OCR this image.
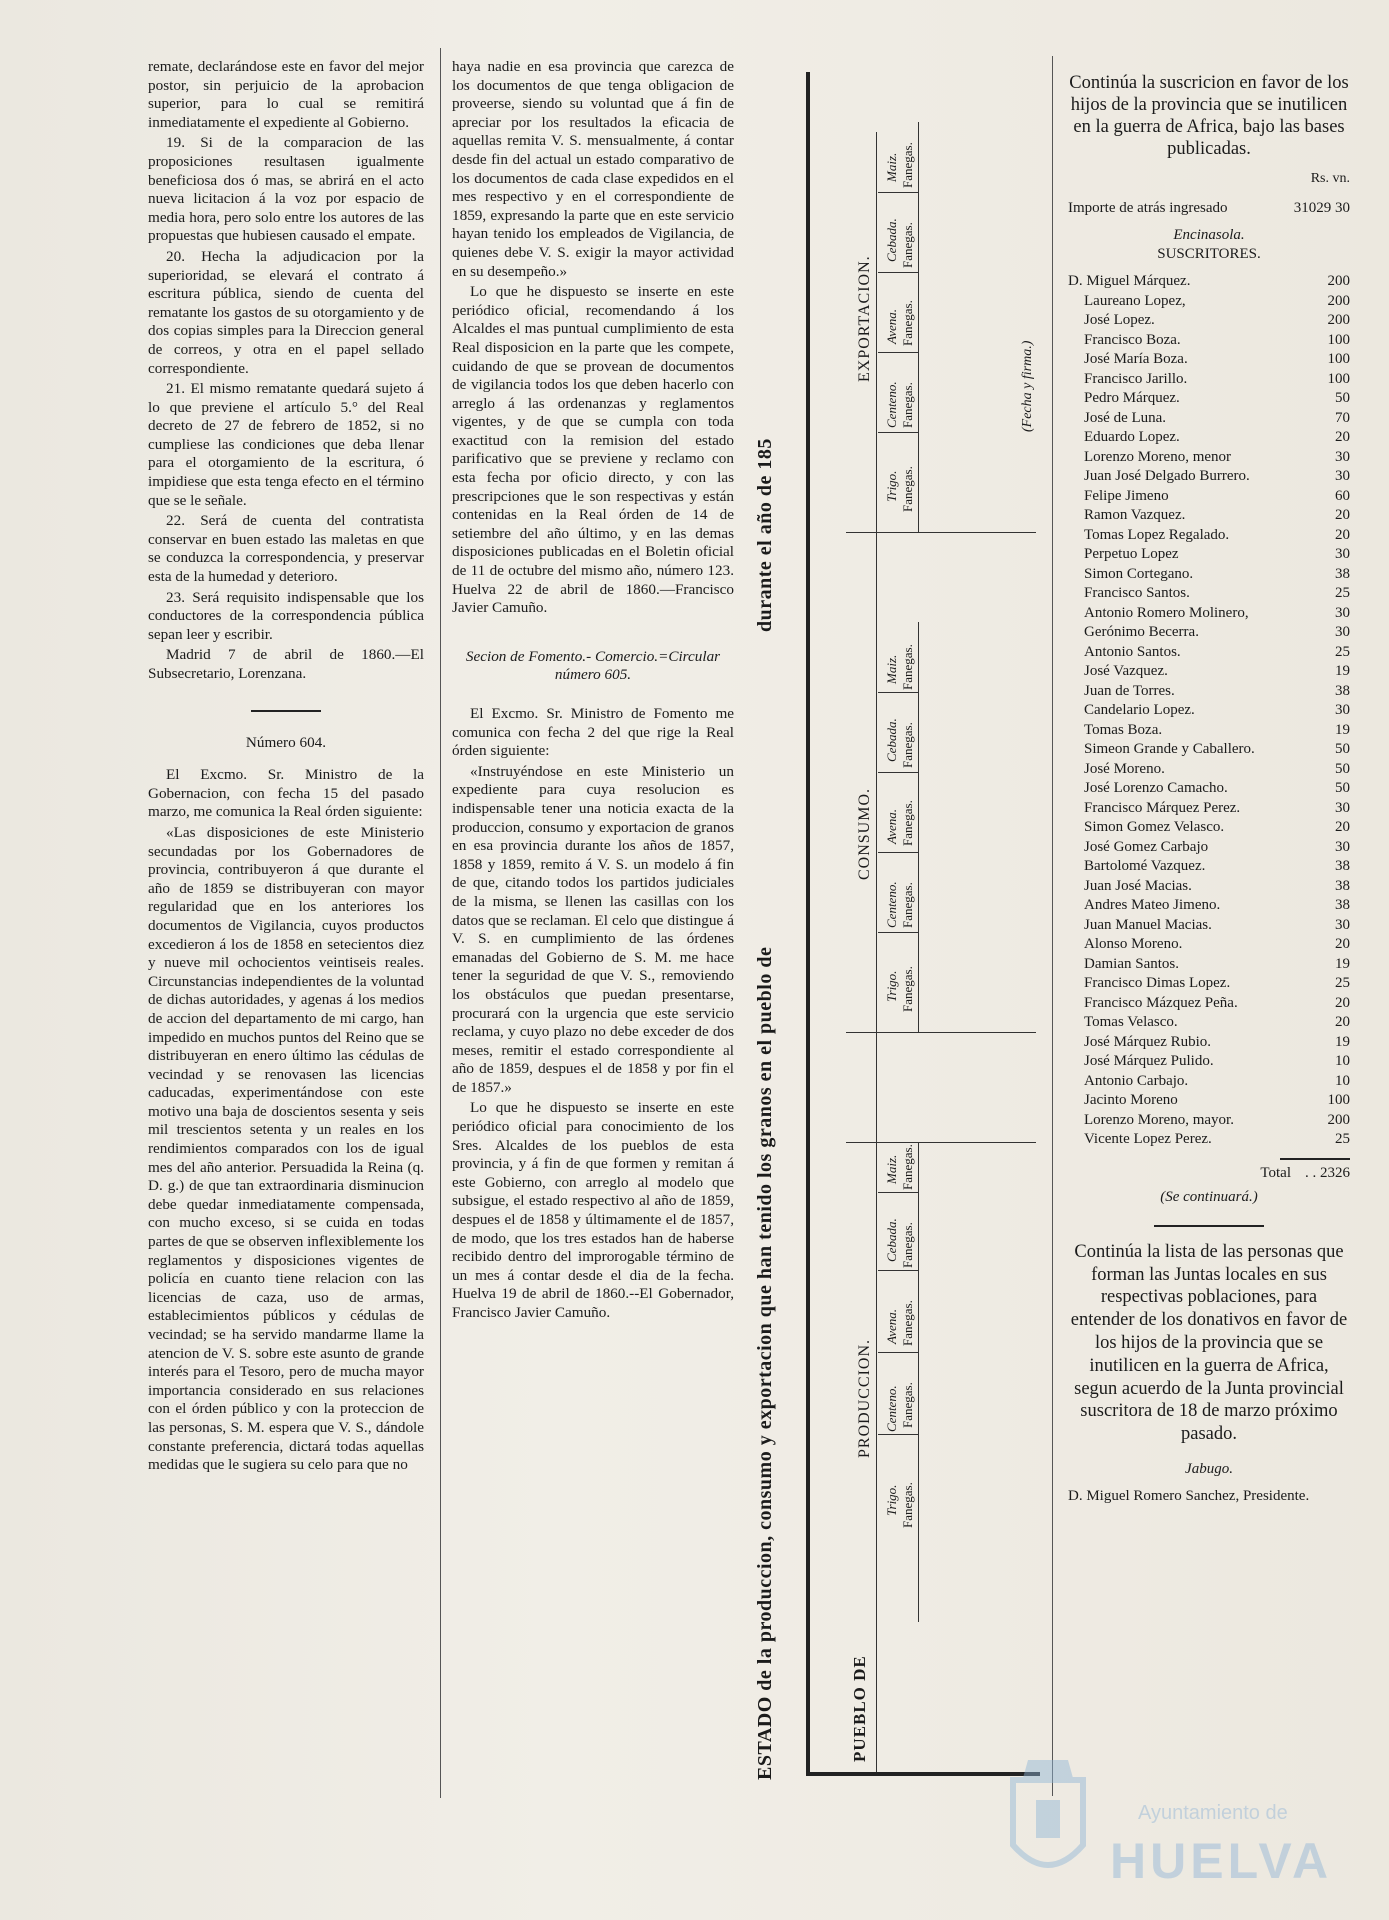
remate, declarándose este en favor del mejor postor, sin perjuicio de la aprobacion superior, para lo cual se remitirá inmediatamente el expediente al Gobierno.

19. Si de la comparacion de las proposiciones resultasen igualmente beneficiosa dos ó mas, se abrirá en el acto nueva licitacion á la voz por espacio de media hora, pero solo entre los autores de las propuestas que hubiesen causado el empate.

20. Hecha la adjudicacion por la superioridad, se elevará el contrato á escritura pública, siendo de cuenta del rematante los gastos de su otorgamiento y de dos copias simples para la Direccion general de correos, y otra en el papel sellado correspondiente.

21. El mismo rematante quedará sujeto á lo que previene el artículo 5.° del Real decreto de 27 de febrero de 1852, si no cumpliese las condiciones que deba llenar para el otorgamiento de la escritura, ó impidiese que esta tenga efecto en el término que se le señale.

22. Será de cuenta del contratista conservar en buen estado las maletas en que se conduzca la correspondencia, y preservar esta de la humedad y deterioro.

23. Será requisito indispensable que los conductores de la correspondencia pública sepan leer y escribir.

Madrid 7 de abril de 1860.—El Subsecretario, Lorenzana.

Número 604.

El Excmo. Sr. Ministro de la Gobernacion, con fecha 15 del pasado marzo, me comunica la Real órden siguiente:

«Las disposiciones de este Ministerio secundadas por los Gobernadores de provincia, contribuyeron á que durante el año de 1859 se distribuyeran con mayor regularidad que en los anteriores los documentos de Vigilancia, cuyos productos excedieron á los de 1858 en setecientos diez y nueve mil ochocientos veintiseis reales. Circunstancias independientes de la voluntad de dichas autoridades, y agenas á los medios de accion del departamento de mi cargo, han impedido en muchos puntos del Reino que se distribuyeran en enero último las cédulas de vecindad y se renovasen las licencias caducadas, experimentándose con este motivo una baja de doscientos sesenta y seis mil trescientos setenta y un reales en los rendimientos comparados con los de igual mes del año anterior. Persuadida la Reina (q. D. g.) de que tan extraordinaria disminucion debe quedar inmediatamente compensada, con mucho exceso, si se cuida en todas partes de que se observen inflexiblemente los reglamentos y disposiciones vigentes de policía en cuanto tiene relacion con las licencias de caza, uso de armas, establecimientos públicos y cédulas de vecindad; se ha servido mandarme llame la atencion de V. S. sobre este asunto de grande interés para el Tesoro, pero de mucha mayor importancia considerado en sus relaciones con el órden público y con la proteccion de las personas, S. M. espera que V. S., dándole constante preferencia, dictará todas aquellas medidas que le sugiera su celo para que no

haya nadie en esa provincia que carezca de los documentos de que tenga obligacion de proveerse, siendo su voluntad que á fin de apreciar por los resultados la eficacia de aquellas remita V. S. mensualmente, á contar desde fin del actual un estado comparativo de los documentos de cada clase expedidos en el mes respectivo y en el correspondiente de 1859, expresando la parte que en este servicio hayan tenido los empleados de Vigilancia, de quienes debe V. S. exigir la mayor actividad en su desempeño.»

Lo que he dispuesto se inserte en este periódico oficial, recomendando á los Alcaldes el mas puntual cumplimiento de esta Real disposicion en la parte que les compete, cuidando de que se provean de documentos de vigilancia todos los que deben hacerlo con arreglo á las ordenanzas y reglamentos vigentes, y de que se cumpla con toda exactitud con la remision del estado parificativo que se previene y reclamo con esta fecha por oficio directo, y con las prescripciones que le son respectivas y están contenidas en la Real órden de 14 de setiembre del año último, y en las demas disposiciones publicadas en el Boletin oficial de 11 de octubre del mismo año, número 123. Huelva 22 de abril de 1860.—Francisco Javier Camuño.

Secion de Fomento.- Comercio.=Circular número 605.

El Excmo. Sr. Ministro de Fomento me comunica con fecha 2 del que rige la Real órden siguiente:

«Instruyéndose en este Ministerio un expediente para cuya resolucion es indispensable tener una noticia exacta de la produccion, consumo y exportacion de granos en esa provincia durante los años de 1857, 1858 y 1859, remito á V. S. un modelo á fin de que, citando todos los partidos judiciales de la misma, se llenen las casillas con los datos que se reclaman. El celo que distingue á V. S. en cumplimiento de las órdenes emanadas del Gobierno de S. M. me hace tener la seguridad de que V. S., removiendo los obstáculos que puedan presentarse, procurará con la urgencia que este servicio reclama, y cuyo plazo no debe exceder de dos meses, remitir el estado correspondiente al año de 1859, despues el de 1858 y por fin el de 1857.»

Lo que he dispuesto se inserte en este periódico oficial para conocimiento de los Sres. Alcaldes de los pueblos de esta provincia, y á fin de que formen y remitan á este Gobierno, con arreglo al modelo que subsigue, el estado respectivo al año de 1859, despues el de 1858 y últimamente el de 1857, de modo, que los tres estados han de haberse recibido dentro del improrogable término de un mes á contar desde el dia de la fecha. Huelva 19 de abril de 1860.--El Gobernador, Francisco Javier Camuño.	ESTADO de la produccion, consumo y exportacion que han tenido los granos en el pueblo de
durante el año de 185
PUEBLO DE
PRODUCCION.
CONSUMO.
EXPORTACION.
Trigo. Fanegas.
Centeno. Fanegas.
Avena. Fanegas.
Cebada. Fanegas.
Maiz. Fanegas.
Trigo. Fanegas.
Centeno. Fanegas.
Avena. Fanegas.
Cebada. Fanegas.
Maiz. Fanegas.
Trigo. Fanegas.
Centeno. Fanegas.
Avena. Fanegas.
Cebada. Fanegas.
Maiz. Fanegas.
(Fecha y firma.)
Continúa la suscricion en favor de los hijos de la provincia que se inutilicen en la guerra de Africa, bajo las bases publicadas.
Rs. vn.
Importe de atrás ingresado	31029 30
Encinasola.
SUSCRITORES.
D. Miguel Márquez.	200
Laureano Lopez,	200
José Lopez.	200
Francisco Boza.	100
José María Boza.	100
Francisco Jarillo.	100
Pedro Márquez.	50
José de Luna.	70
Eduardo Lopez.	20
Lorenzo Moreno, menor	30
Juan José Delgado Burrero.	30
Felipe Jimeno	60
Ramon Vazquez.	20
Tomas Lopez Regalado.	20
Perpetuo Lopez	30
Simon Cortegano.	38
Francisco Santos.	25
Antonio Romero Molinero,	30
Gerónimo Becerra.	30
Antonio Santos.	25
José Vazquez.	19
Juan de Torres.	38
Candelario Lopez.	30
Tomas Boza.	19
Simeon Grande y Caballero.	50
José Moreno.	50
José Lorenzo Camacho.	50
Francisco Márquez Perez.	30
Simon Gomez Velasco.	20
José Gomez Carbajo	30
Bartolomé Vazquez.	38
Juan José Macias.	38
Andres Mateo Jimeno.	38
Juan Manuel Macias.	30
Alonso Moreno.	20
Damian Santos.	19
Francisco Dimas Lopez.	25
Francisco Mázquez Peña.	20
Tomas Velasco.	20
José Márquez Rubio.	19
José Márquez Pulido.	10
Antonio Carbajo.	10
Jacinto Moreno	100
Lorenzo Moreno, mayor.	200
Vicente Lopez Perez.	25
Total . . 2326
(Se continuará.)
Continúa la lista de las personas que forman las Juntas locales en sus respectivas poblaciones, para entender de los donativos en favor de los hijos de la provincia que se inutilicen en la guerra de Africa, segun acuerdo de la Junta provincial suscritora de 18 de marzo próximo pasado.
Jabugo.
D. Miguel Romero Sanchez, Presidente.
Ayuntamiento de
HUELVA
